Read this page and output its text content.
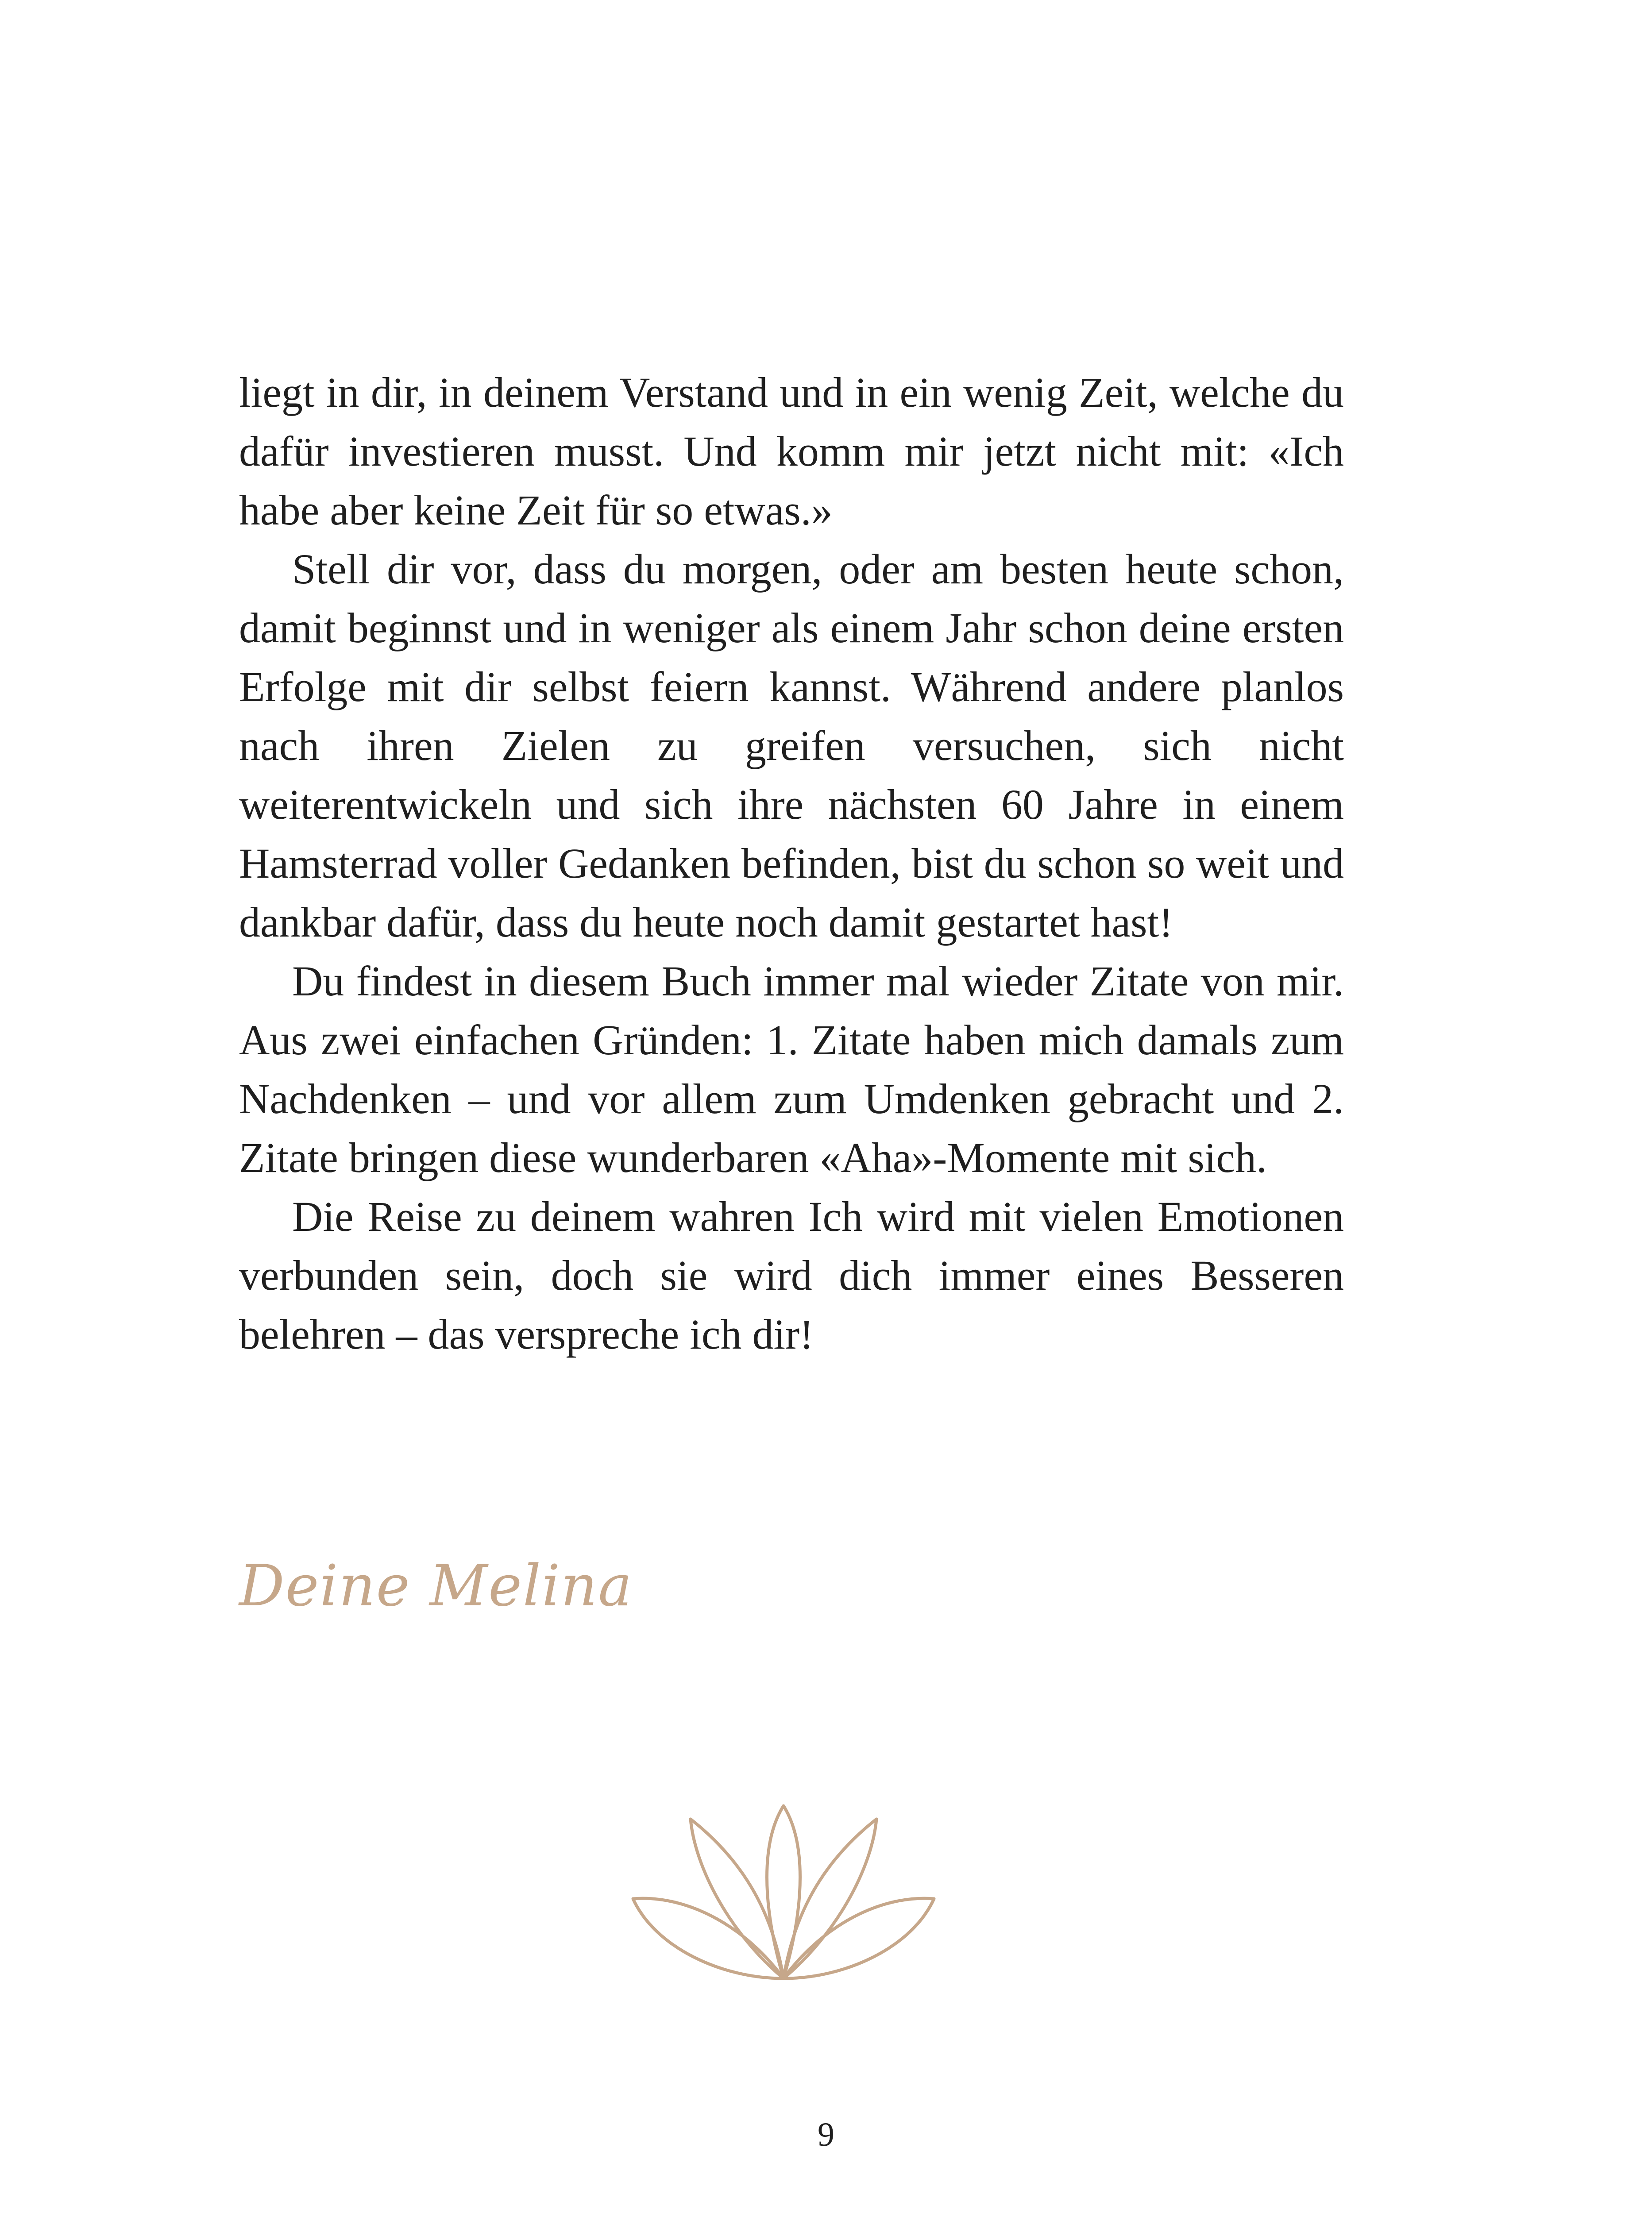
liegt in dir, in deinem Verstand und in ein wenig Zeit, welche du dafür investieren musst. Und komm mir jetzt nicht mit: «Ich habe aber keine Zeit für so etwas.»

Stell dir vor, dass du morgen, oder am besten heute schon, damit beginnst und in weniger als einem Jahr schon deine ersten Erfolge mit dir selbst feiern kannst. Während andere planlos nach ihren Zielen zu greifen versuchen, sich nicht weiterentwickeln und sich ihre nächsten 60 Jahre in einem Hamsterrad voller Gedanken befinden, bist du schon so weit und dankbar dafür, dass du heute noch damit gestartet hast!

Du findest in diesem Buch immer mal wieder Zitate von mir. Aus zwei einfachen Gründen: 1. Zitate haben mich damals zum Nachdenken – und vor allem zum Umdenken gebracht und 2. Zitate bringen diese wunderbaren «Aha»-Momente mit sich.

Die Reise zu deinem wahren Ich wird mit vielen Emotionen verbunden sein, doch sie wird dich immer eines Besseren belehren – das verspreche ich dir!

Deine Melina
9
